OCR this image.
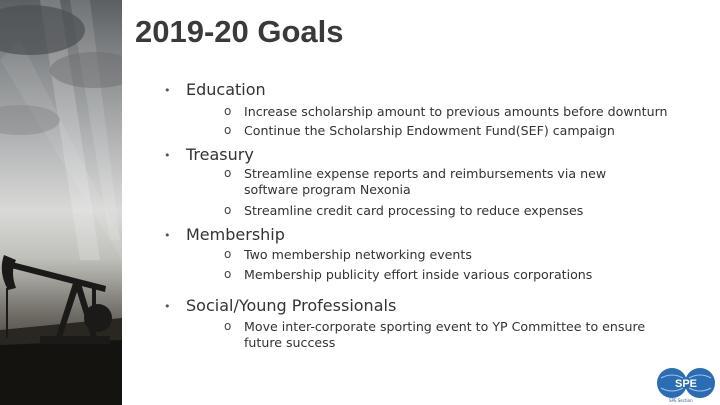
2019-20 Goals
• Education
o Increase scholarship amount to previous amounts before downturn
o Continue the Scholarship Endowment Fund(SEF) campaign
• Treasury
o Streamline expense reports and reimbursements via new software program Nexonia
o Streamline credit card processing to reduce expenses
• Membership
o Two membership networking events
o Membership publicity effort inside various corporations
• Social/Young Professionals
o Move inter-corporate sporting event to YP Committee to ensure future success
SPE
SPE Section
